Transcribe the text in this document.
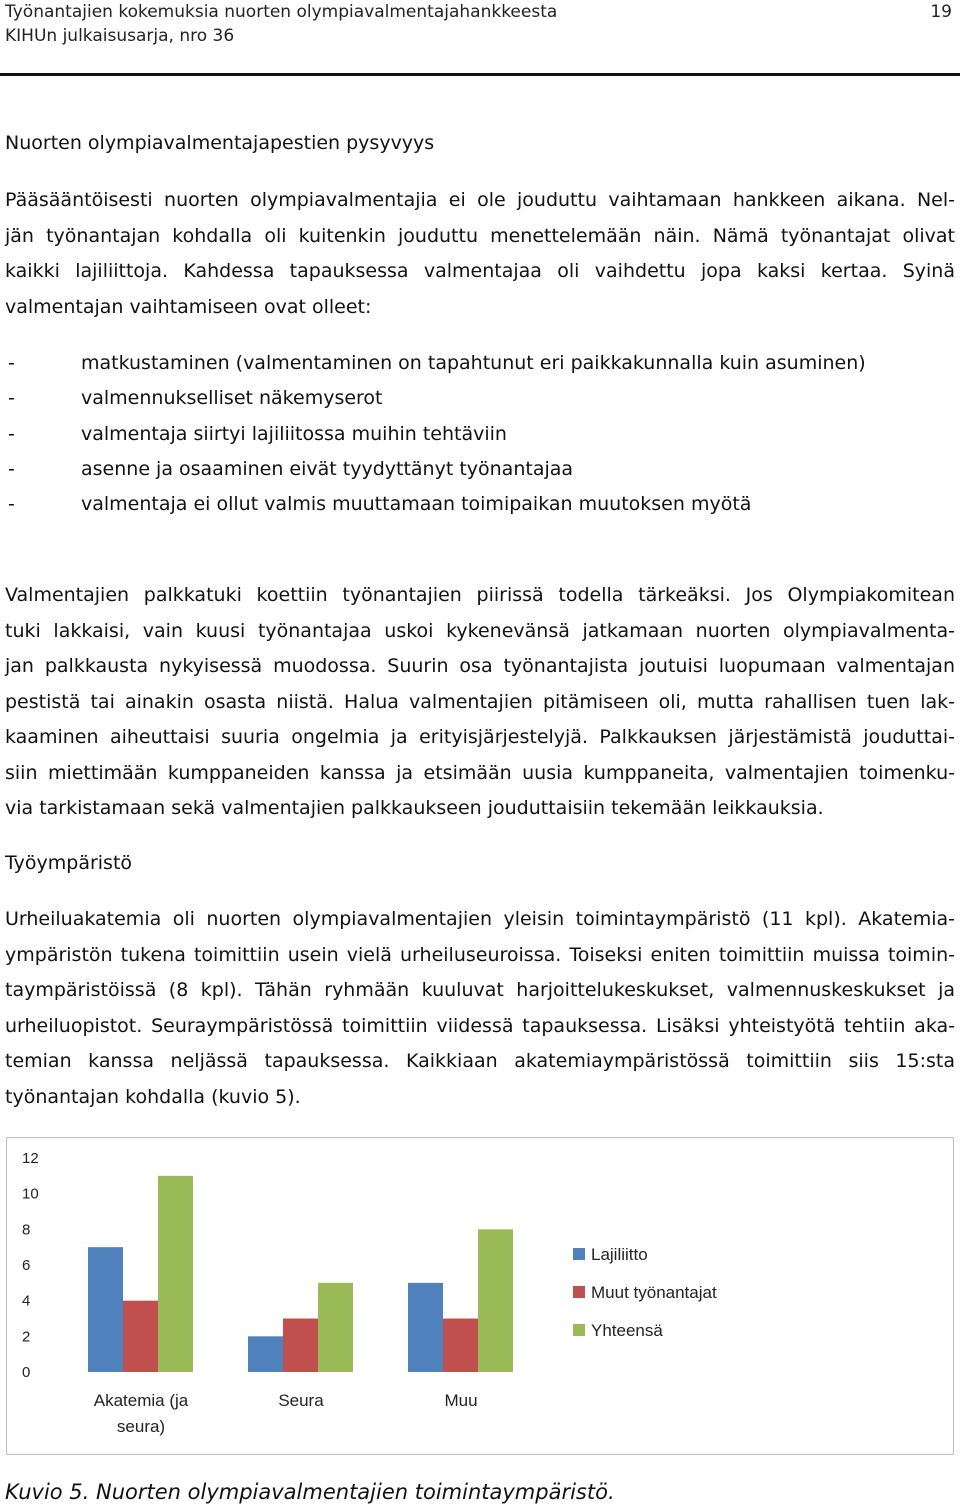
Työnantajien kokemuksia nuorten olympiavalmentajahankkeesta
KIHUn julkaisusarja, nro 36
19
Nuorten olympiavalmentajapestien pysyvyys
Pääsääntöisesti nuorten olympiavalmentajia ei ole jouduttu vaihtamaan hankkeen aikana. Nel-
jän työnantajan kohdalla oli kuitenkin jouduttu menettelemään näin. Nämä työnantajat olivat
kaikki lajiliittoja. Kahdessa tapauksessa valmentajaa oli vaihdettu jopa kaksi kertaa. Syinä
valmentajan vaihtamiseen ovat olleet:
-	matkustaminen (valmentaminen on tapahtunut eri paikkakunnalla kuin asuminen)
-	valmennukselliset näkemyserot
-	valmentaja siirtyi lajiliitossa muihin tehtäviin
-	asenne ja osaaminen eivät tyydyttänyt työnantajaa
-	valmentaja ei ollut valmis muuttamaan toimipaikan muutoksen myötä
Valmentajien palkkatuki koettiin työnantajien piirissä todella tärkeäksi. Jos Olympiakomitean
tuki lakkaisi, vain kuusi työnantajaa uskoi kykenevänsä jatkamaan nuorten olympiavalmenta-
jan palkkausta nykyisessä muodossa. Suurin osa työnantajista joutuisi luopumaan valmentajan
pestistä tai ainakin osasta niistä. Halua valmentajien pitämiseen oli, mutta rahallisen tuen lak-
kaaminen aiheuttaisi suuria ongelmia ja erityisjärjestelyjä. Palkkauksen järjestämistä jouduttai-
siin miettimään kumppaneiden kanssa ja etsimään uusia kumppaneita, valmentajien toimenku-
via tarkistamaan sekä valmentajien palkkaukseen jouduttaisiin tekemään leikkauksia.
Työympäristö
Urheiluakatemia oli nuorten olympiavalmentajien yleisin toimintaympäristö (11 kpl). Akatemia-
ympäristön tukena toimittiin usein vielä urheiluseuroissa. Toiseksi eniten toimittiin muissa toimin-
taympäristöissä (8 kpl). Tähän ryhmään kuuluvat harjoittelukeskukset, valmennuskeskukset ja
urheiluopistot. Seuraympäristössä toimittiin viidessä tapauksessa. Lisäksi yhteistyötä tehtiin aka-
temian kanssa neljässä tapauksessa. Kaikkiaan akatemiaympäristössä toimittiin siis 15:sta
työnantajan kohdalla (kuvio 5).
0
2
4
6
8
10
12
Akatemia (ja
seura)
Seura	Muu
Lajiliitto
Muut työnantajat
Yhteensä
Kuvio 5. Nuorten olympiavalmentajien toimintaympäristö.
